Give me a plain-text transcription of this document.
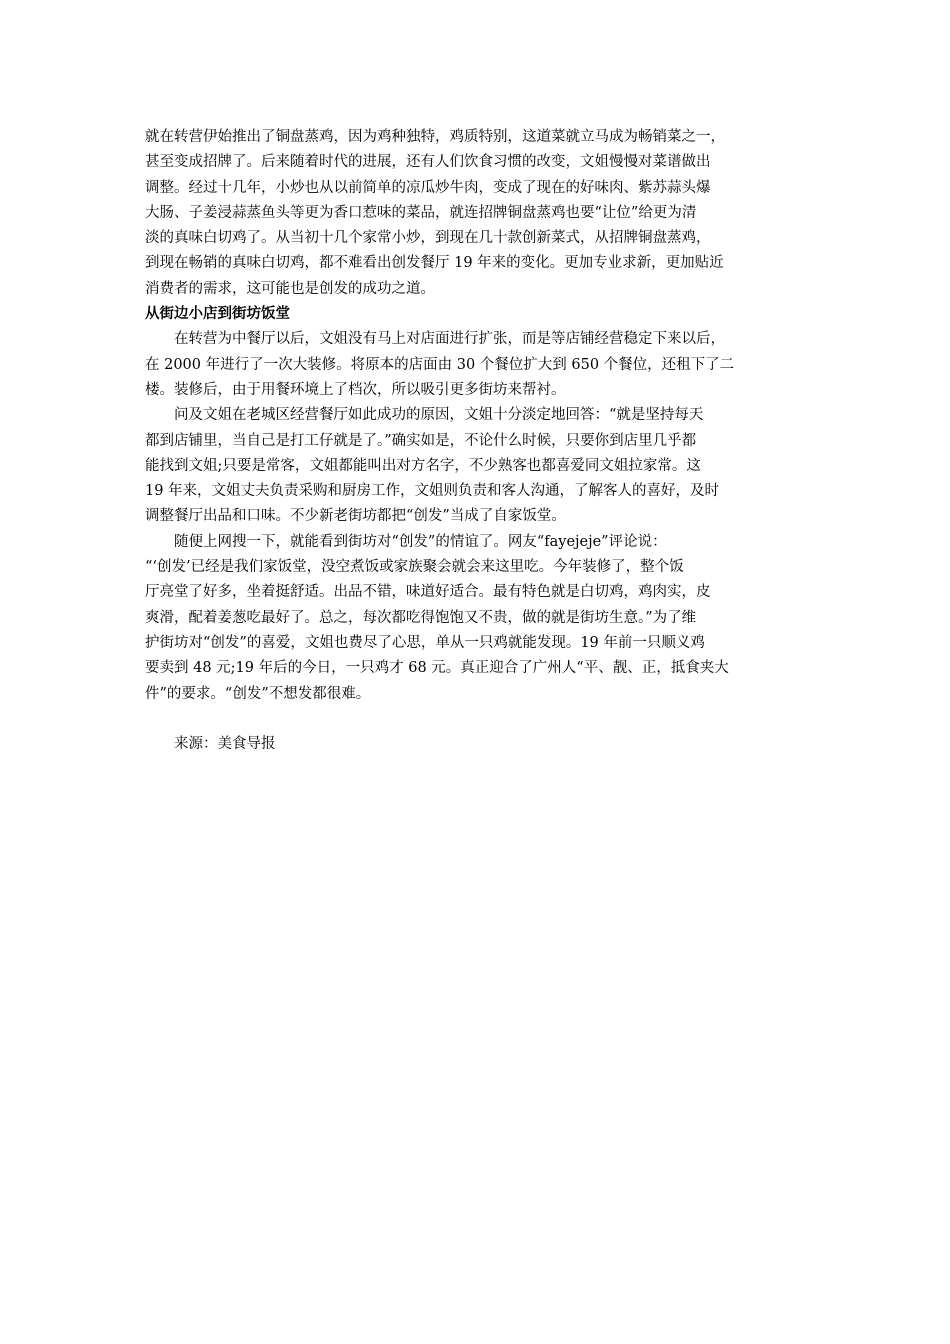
就在转营伊始推出了铜盘蒸鸡，因为鸡种独特，鸡质特别，这道菜就立马成为畅销菜之一，
甚至变成招牌了。后来随着时代的进展，还有人们饮食习惯的改变，文姐慢慢对菜谱做出
调整。经过十几年，小炒也从以前简单的凉瓜炒牛肉，变成了现在的好味肉、紫苏蒜头爆
大肠、子姜浸蒜蒸鱼头等更为香口惹味的菜品，就连招牌铜盘蒸鸡也要“让位”给更为清
淡的真味白切鸡了。从当初十几个家常小炒，到现在几十款创新菜式，从招牌铜盘蒸鸡，
到现在畅销的真味白切鸡，都不难看出创发餐厅 19 年来的变化。更加专业求新，更加贴近
消费者的需求，这可能也是创发的成功之道。
从街边小店到街坊饭堂
　　在转营为中餐厅以后，文姐没有马上对店面进行扩张，而是等店铺经营稳定下来以后，
在 2000 年进行了一次大装修。将原本的店面由 30 个餐位扩大到 650 个餐位，还租下了二
楼。装修后，由于用餐环境上了档次，所以吸引更多街坊来帮衬。
　　问及文姐在老城区经营餐厅如此成功的原因，文姐十分淡定地回答：“就是坚持每天
都到店铺里，当自己是打工仔就是了。”确实如是，不论什么时候，只要你到店里几乎都
能找到文姐;只要是常客，文姐都能叫出对方名字，不少熟客也都喜爱同文姐拉家常。这
19 年来，文姐丈夫负责采购和厨房工作，文姐则负责和客人沟通，了解客人的喜好，及时
调整餐厅出品和口味。不少新老街坊都把“创发”当成了自家饭堂。
　　随便上网搜一下，就能看到街坊对“创发”的情谊了。网友“fayejeje”评论说：
“‘创发’已经是我们家饭堂，没空煮饭或家族聚会就会来这里吃。今年装修了，整个饭
厅亮堂了好多，坐着挺舒适。出品不错，味道好适合。最有特色就是白切鸡，鸡肉实，皮
爽滑，配着姜葱吃最好了。总之，每次都吃得饱饱又不贵，做的就是街坊生意。”为了维
护街坊对“创发”的喜爱，文姐也费尽了心思，单从一只鸡就能发现。19 年前一只顺义鸡
要卖到 48 元;19 年后的今日，一只鸡才 68 元。真正迎合了广州人“平、靓、正，抵食夹大
件”的要求。“创发”不想发都很难。
　　来源：美食导报
